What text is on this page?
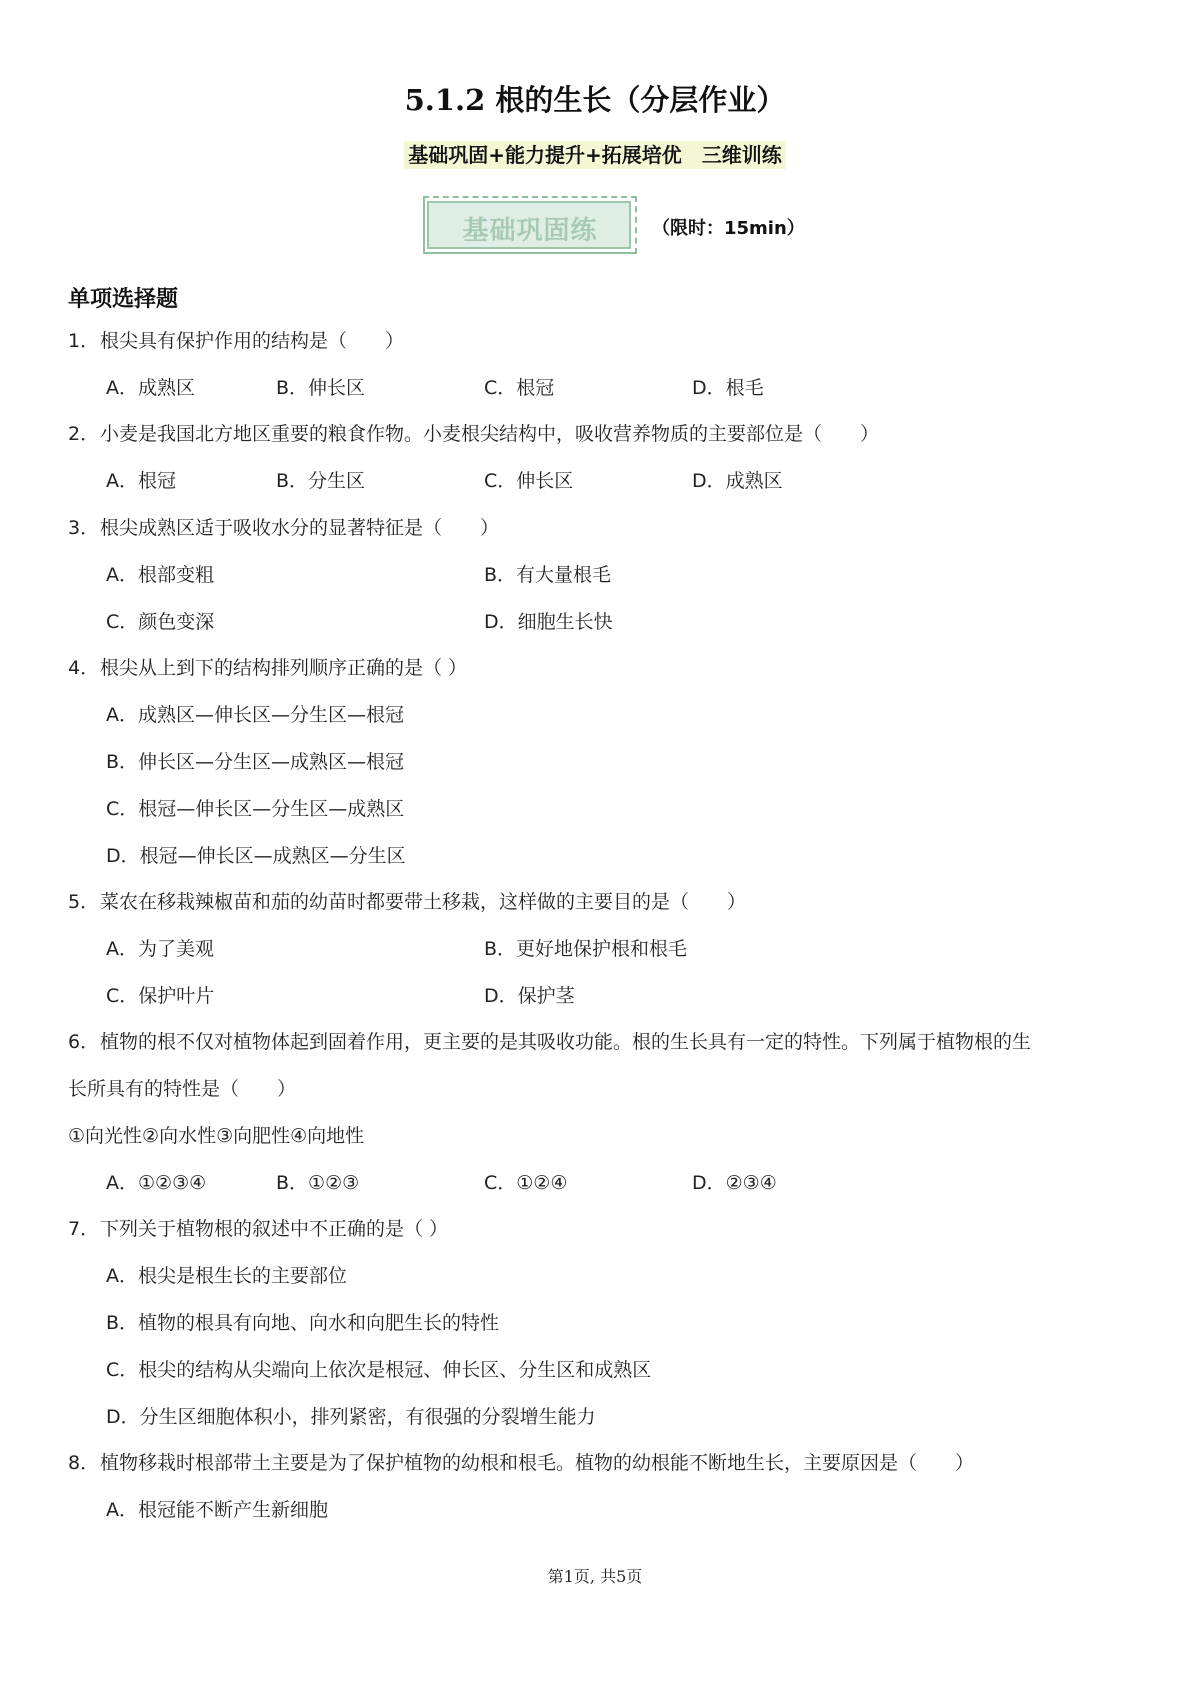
5.1.2 根的生长（分层作业）
基础巩固+能力提升+拓展培优　三维训练
基础巩固练	（限时：15min）
单项选择题
1．根尖具有保护作用的结构是（　　）
A．成熟区	B．伸长区	C．根冠	D．根毛
2．小麦是我国北方地区重要的粮食作物。小麦根尖结构中，吸收营养物质的主要部位是（　　）
A．根冠	B．分生区	C．伸长区	D．成熟区
3．根尖成熟区适于吸收水分的显著特征是（　　）
A．根部变粗	B．有大量根毛
C．颜色变深	D．细胞生长快
4．根尖从上到下的结构排列顺序正确的是（ ）
A．成熟区—伸长区—分生区—根冠
B．伸长区—分生区—成熟区—根冠
C．根冠—伸长区—分生区—成熟区
D．根冠—伸长区—成熟区—分生区
5．菜农在移栽辣椒苗和茄的幼苗时都要带土移栽，这样做的主要目的是（　　）
A．为了美观	B．更好地保护根和根毛
C．保护叶片	D．保护茎
6．植物的根不仅对植物体起到固着作用，更主要的是其吸收功能。根的生长具有一定的特性。下列属于植物根的生
长所具有的特性是（　　）
①向光性②向水性③向肥性④向地性
A．①②③④	B．①②③	C．①②④	D．②③④
7．下列关于植物根的叙述中不正确的是（ ）
A．根尖是根生长的主要部位
B．植物的根具有向地、向水和向肥生长的特性
C．根尖的结构从尖端向上依次是根冠、伸长区、分生区和成熟区
D．分生区细胞体积小，排列紧密，有很强的分裂增生能力
8．植物移栽时根部带土主要是为了保护植物的幼根和根毛。植物的幼根能不断地生长，主要原因是（　　）
A．根冠能不断产生新细胞
第1页, 共5页
